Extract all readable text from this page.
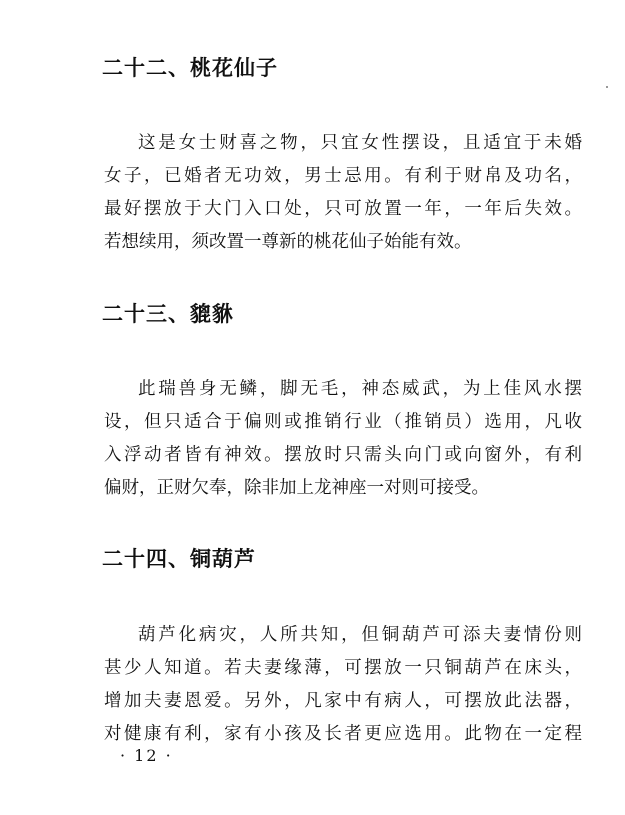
二十二、桃花仙子
这是女士财喜之物，只宜女性摆设，且适宜于未婚
女子，已婚者无功效，男士忌用。有利于财帛及功名，
最好摆放于大门入口处，只可放置一年，一年后失效。
若想续用，须改置一尊新的桃花仙子始能有效。
二十三、貔貅
此瑞兽身无鳞，脚无毛，神态威武，为上佳风水摆
设，但只适合于偏则或推销行业（推销员）选用，凡收
入浮动者皆有神效。摆放时只需头向门或向窗外，有利
偏财，正财欠奉，除非加上龙神座一对则可接受。
二十四、铜葫芦
葫芦化病灾，人所共知，但铜葫芦可添夫妻情份则
甚少人知道。若夫妻缘薄，可摆放一只铜葫芦在床头，
增加夫妻恩爱。另外，凡家中有病人，可摆放此法器，
对健康有利，家有小孩及长者更应选用。此物在一定程
· 12 ·
